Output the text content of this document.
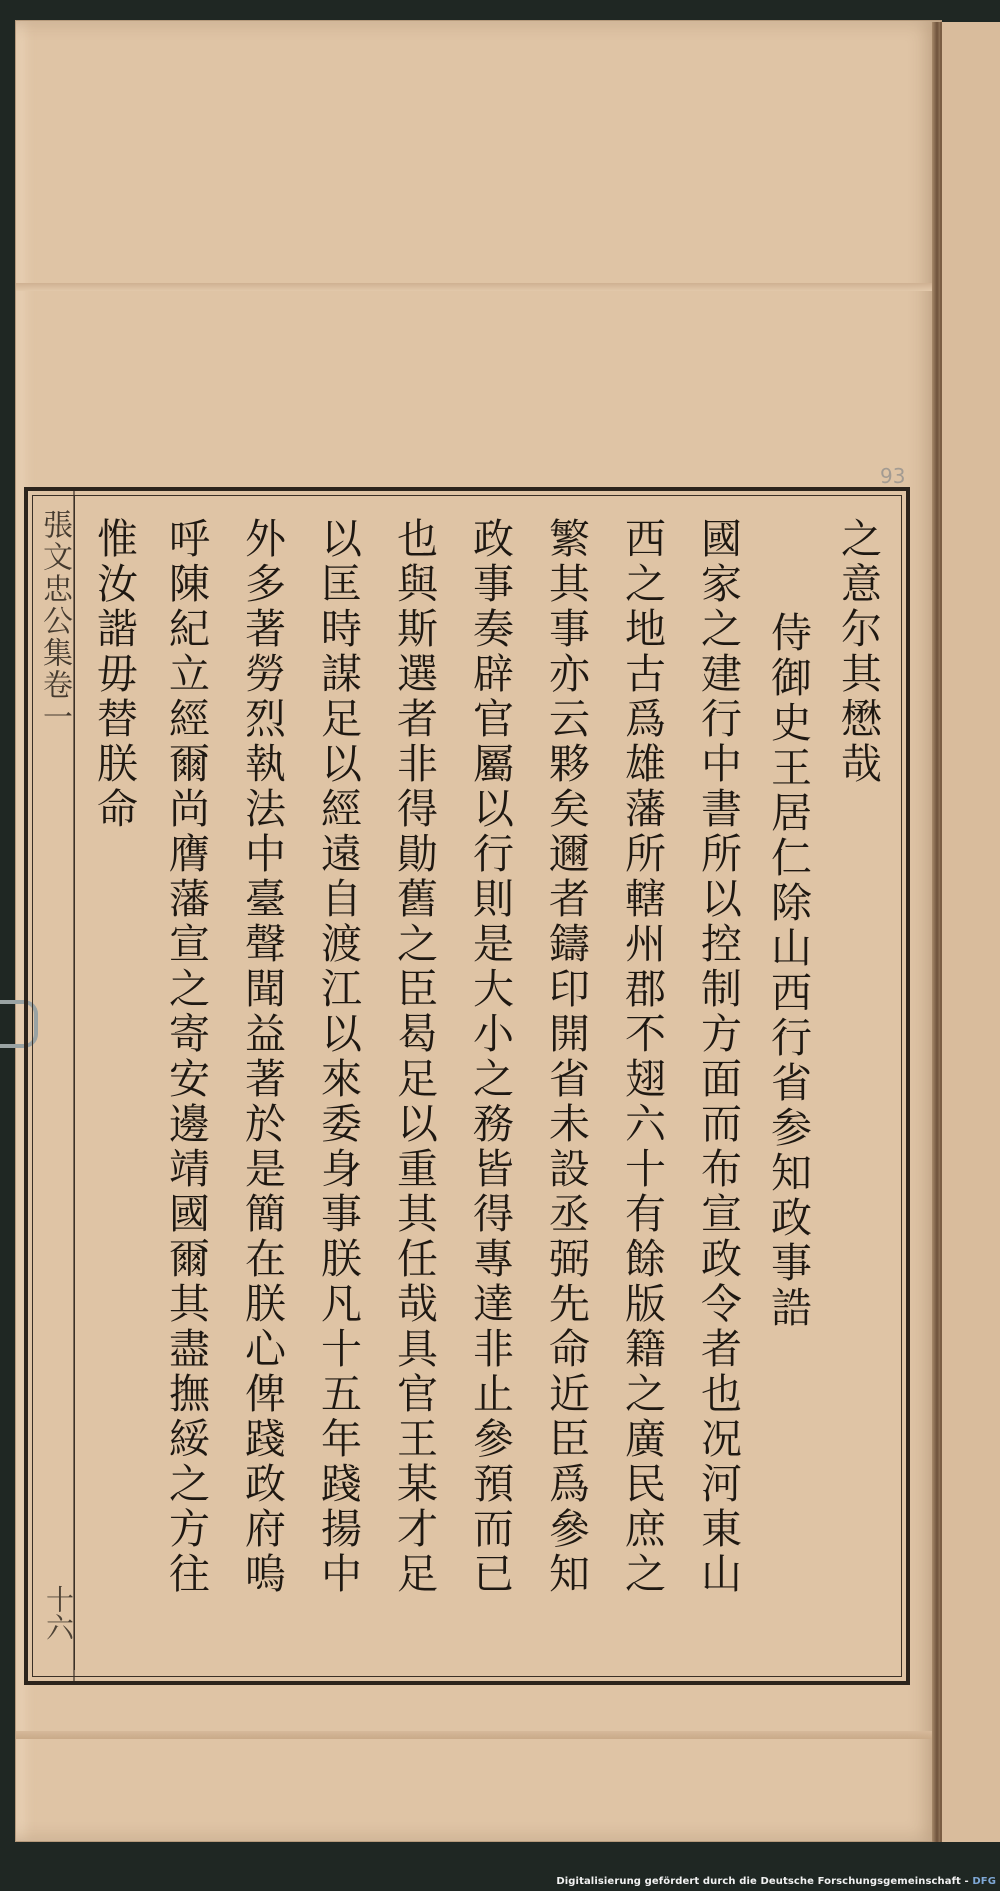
93
張文忠公集卷一
十六
之意尔其懋哉
侍御史王居仁除山西行省参知政事誥
國家之建行中書所以控制方面而布宣政令者也况河東山
西之地古爲雄藩所轄州郡不翅六十有餘版籍之廣民庶之
繁其事亦云夥矣邇者鑄印開省未設丞弼先命近臣爲參知
政事奏辟官屬以行則是大小之務皆得專達非止參預而已
也與斯選者非得勛舊之臣曷足以重其任哉具官王某才足
以匡時謀足以經遠自渡江以來委身事朕凡十五年踐揚中
外多著勞烈執法中臺聲聞益著於是簡在朕心俾踐政府嗚
呼陳紀立經爾尚膺藩宣之寄安邊靖國爾其盡撫綏之方往
惟汝諧毋替朕命
Digitalisierung gefördert durch die Deutsche Forschungsgemeinschaft - DFG
